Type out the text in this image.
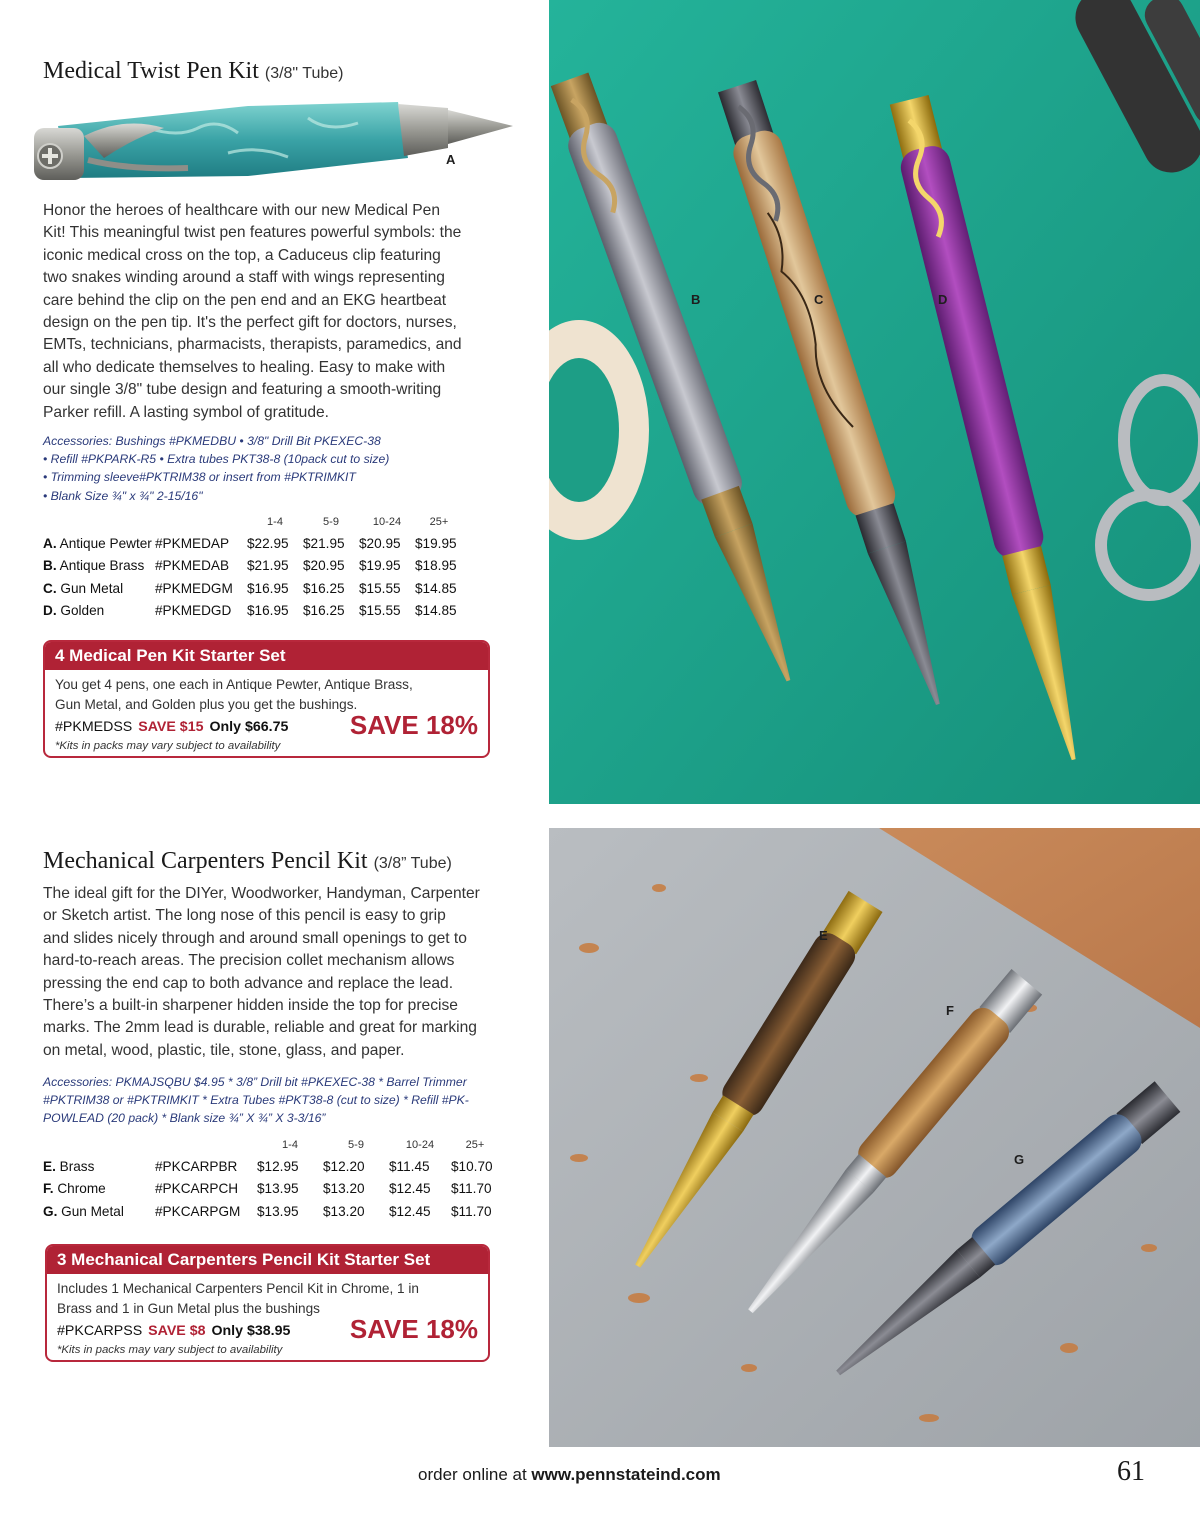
Medical Twist Pen Kit (3/8" Tube)
A
Honor the heroes of healthcare with our new Medical Pen
Kit! This meaningful twist pen features powerful symbols: the
iconic medical cross on the top, a Caduceus clip featuring
two snakes winding around a staff with wings representing
care behind the clip on the pen end and an EKG heartbeat
design on the pen tip. It's the perfect gift for doctors, nurses,
EMTs, technicians, pharmacists, therapists, paramedics, and
all who dedicate themselves to healing. Easy to make with
our single 3/8" tube design and featuring a smooth-writing
Parker refill. A lasting symbol of gratitude.
Accessories: Bushings #PKMEDBU • 3/8" Drill Bit PKEXEC-38
• Refill #PKPARK-R5 • Extra tubes PKT38-8 (10pack cut to size)
• Trimming sleeve#PKTRIM38 or insert from #PKTRIMKIT
• Blank Size ¾" x ¾" 2-15/16"
		1-4	5-9	10-24	25+
A. Antique Pewter	#PKMEDAP	$22.95	$21.95	$20.95	$19.95
B. Antique Brass	#PKMEDAB	$21.95	$20.95	$19.95	$18.95
C. Gun Metal	#PKMEDGM	$16.95	$16.25	$15.55	$14.85
D. Golden	#PKMEDGD	$16.95	$16.25	$15.55	$14.85
4 Medical Pen Kit Starter Set
You get 4 pens, one each in Antique Pewter, Antique Brass,
Gun Metal, and Golden plus you get the bushings.
#PKMEDSS SAVE $15 Only $66.75 SAVE 18%
*Kits in packs may vary subject to availability
B	C	D
Mechanical Carpenters Pencil Kit (3/8” Tube)
The ideal gift for the DIYer, Woodworker, Handyman, Carpenter
or Sketch artist. The long nose of this pencil is easy to grip
and slides nicely through and around small openings to get to
hard-to-reach areas. The precision collet mechanism allows
pressing the end cap to both advance and replace the lead.
There’s a built-in sharpener hidden inside the top for precise
marks. The 2mm lead is durable, reliable and great for marking
on metal, wood, plastic, tile, stone, glass, and paper.
Accessories: PKMAJSQBU $4.95 * 3/8” Drill bit #PKEXEC-38 * Barrel Trimmer
#PKTRIM38 or #PKTRIMKIT * Extra Tubes #PKT38-8 (cut to size) * Refill #PK-
POWLEAD (20 pack) * Blank size ¾” X ¾” X 3-3/16”
		1-4	5-9	10-24	25+
E. Brass	#PKCARPBR	$12.95	$12.20	$11.45	$10.70
F. Chrome	#PKCARPCH	$13.95	$13.20	$12.45	$11.70
G. Gun Metal	#PKCARPGM	$13.95	$13.20	$12.45	$11.70
3 Mechanical Carpenters Pencil Kit Starter Set
Includes 1 Mechanical Carpenters Pencil Kit in Chrome, 1 in
Brass and 1 in Gun Metal plus the bushings
#PKCARPSS SAVE $8 Only $38.95 SAVE 18%
*Kits in packs may vary subject to availability
E
F
G
order online at www.pennstateind.com	61
